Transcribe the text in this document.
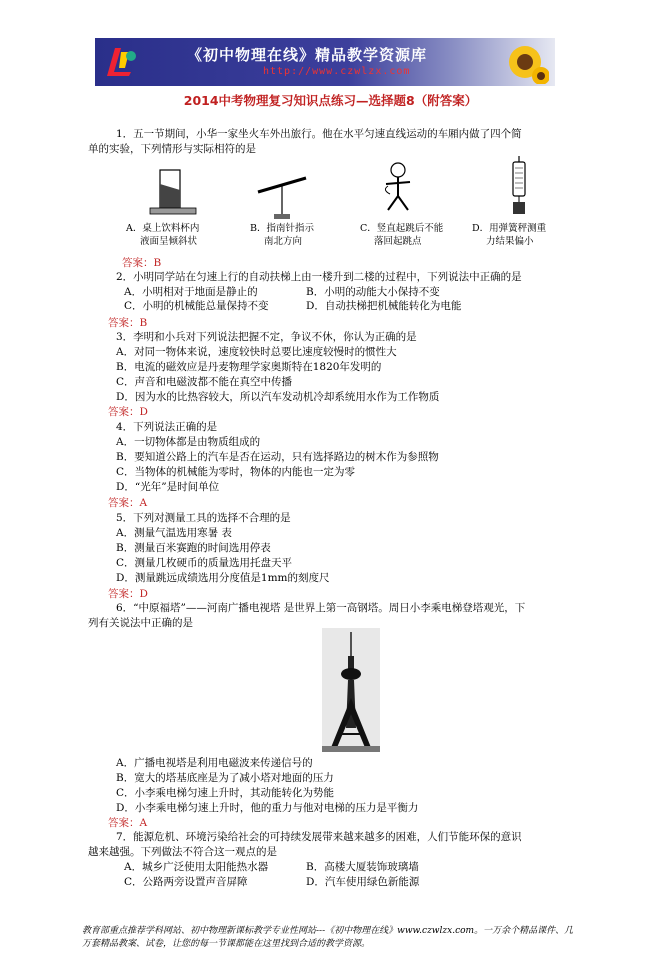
《初中物理在线》精品教学资源库
http://www.czwlzx.com
2014中考物理复习知识点练习—选择题8（附答案）
1．五一节期间，小华一家坐火车外出旅行。他在水平匀速直线运动的车厢内做了四个简
单的实验，下列情形与实际相符的是
A．桌上饮料杯内
液面呈倾斜状
B．指南针指示
南北方向
C．竖直起跳后不能
落回起跳点
D．用弹簧秤测重
力结果偏小
答案：B
2．小明同学站在匀速上行的自动扶梯上由一楼升到二楼的过程中，下列说法中正确的是
A．小明相对于地面是静止的	B．小明的动能大小保持不变
C．小明的机械能总量保持不变	D．自动扶梯把机械能转化为电能
答案：B
3．李明和小兵对下列说法把握不定，争议不休，你认为正确的是
A．对同一物体来说，速度较快时总要比速度较慢时的惯性大
B．电流的磁效应是丹麦物理学家奥斯特在1820年发明的
C．声音和电磁波都不能在真空中传播
D．因为水的比热容较大，所以汽车发动机冷却系统用水作为工作物质
答案：D
4．下列说法正确的是
A．一切物体都是由物质组成的
B．要知道公路上的汽车是否在运动，只有选择路边的树木作为参照物
C．当物体的机械能为零时，物体的内能也一定为零
D．“光年”是时间单位
答案：A
5．下列对测量工具的选择不合理的是
A．测量气温选用寒暑 表
B．测量百米赛跑的时间选用停表
C．测量几枚硬币的质量选用托盘天平
D．测量跳远成绩选用分度值是1mm的刻度尺
答案：D
6．“中原福塔”——河南广播电视塔 是世界上第一高钢塔。周日小李乘电梯登塔观光，下
列有关说法中正确的是
A．广播电视塔是利用电磁波来传递信号的
B．宽大的塔基底座是为了减小塔对地面的压力
C．小李乘电梯匀速上升时，其动能转化为势能
D．小李乘电梯匀速上升时，他的重力与他对电梯的压力是平衡力
答案：A
7．能源危机、环境污染给社会的可持续发展带来越来越多的困难，人们节能环保的意识
越来越强。下列做法不符合这一观点的是
A．城乡广泛使用太阳能热水器	B．高楼大厦装饰玻璃墙
C．公路两旁设置声音屏障	D．汽车使用绿色新能源
教育部重点推荐学科网站、初中物理新课标教学专业性网站---《初中物理在线》www.czwlzx.com。一万余个精品课件、几万套精品教案、试卷，让您的每一节课都能在这里找到合适的教学资源。
